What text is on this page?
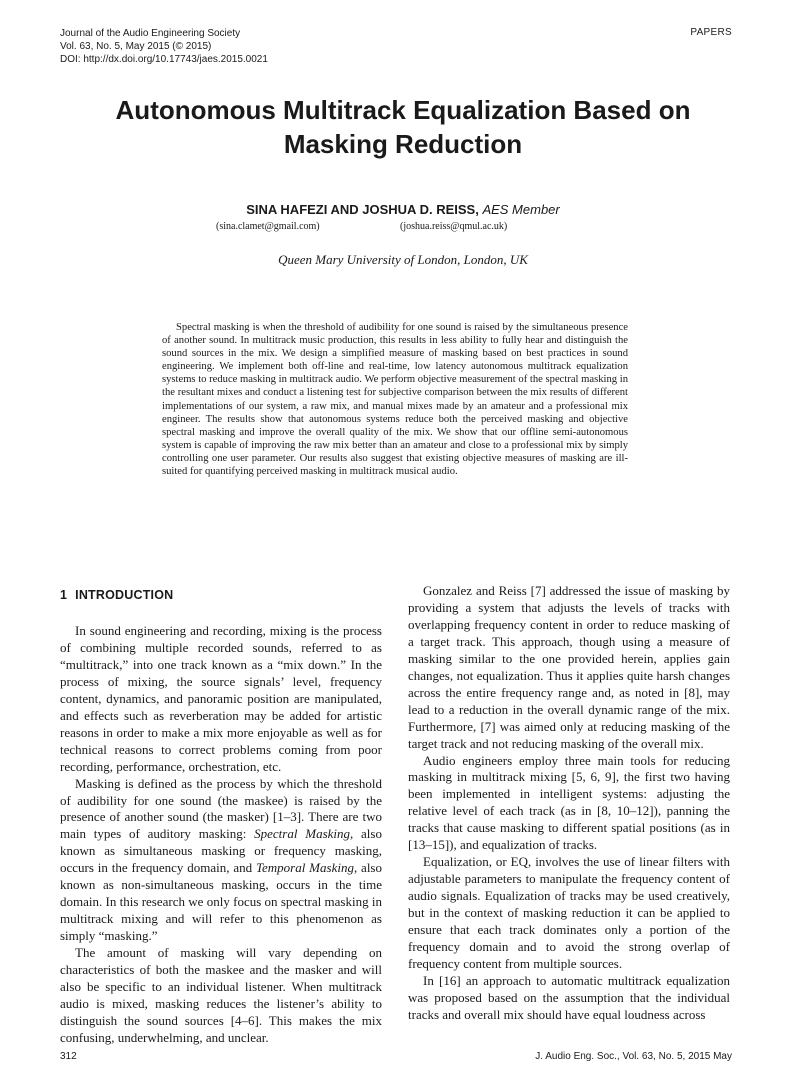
Journal of the Audio Engineering Society
Vol. 63, No. 5, May 2015 (© 2015)
DOI: http://dx.doi.org/10.17743/jaes.2015.0021
PAPERS
Autonomous Multitrack Equalization Based on
Masking Reduction
SINA HAFEZI AND JOSHUA D. REISS, AES Member
(sina.clamet@gmail.com)	(joshua.reiss@qmul.ac.uk)
Queen Mary University of London, London, UK

Spectral masking is when the threshold of audibility for one sound is raised by the simultaneous presence of another sound. In multitrack music production, this results in less ability to fully hear and distinguish the sound sources in the mix. We design a simplified measure of masking based on best practices in sound engineering. We implement both off-line and real-time, low latency autonomous multitrack equalization systems to reduce masking in multitrack audio. We perform objective measurement of the spectral masking in the resultant mixes and conduct a listening test for subjective comparison between the mix results of different implementations of our system, a raw mix, and manual mixes made by an amateur and a professional mix engineer. The results show that autonomous systems reduce both the perceived masking and objective spectral masking and improve the overall quality of the mix. We show that our offline semi-autonomous system is capable of improving the raw mix better than an amateur and close to a professional mix by simply controlling one user parameter. Our results also suggest that existing objective measures of masking are ill-suited for quantifying perceived masking in multitrack musical audio.

1 INTRODUCTION

In sound engineering and recording, mixing is the process of combining multiple recorded sounds, referred to as “multitrack,” into one track known as a “mix down.” In the process of mixing, the source signals’ level, frequency content, dynamics, and panoramic position are manipulated, and effects such as reverberation may be added for artistic reasons in order to make a mix more enjoyable as well as for technical reasons to correct problems coming from poor recording, performance, orchestration, etc.

Masking is defined as the process by which the threshold of audibility for one sound (the maskee) is raised by the presence of another sound (the masker) [1–3]. There are two main types of auditory masking: Spectral Masking, also known as simultaneous masking or frequency masking, occurs in the frequency domain, and Temporal Masking, also known as non-simultaneous masking, occurs in the time domain. In this research we only focus on spectral masking in multitrack mixing and will refer to this phenomenon as simply “masking.”

The amount of masking will vary depending on characteristics of both the maskee and the masker and will also be specific to an individual listener. When multitrack audio is mixed, masking reduces the listener’s ability to distinguish the sound sources [4–6]. This makes the mix confusing, underwhelming, and unclear.

Gonzalez and Reiss [7] addressed the issue of masking by providing a system that adjusts the levels of tracks with overlapping frequency content in order to reduce masking of a target track. This approach, though using a measure of masking similar to the one provided herein, applies gain changes, not equalization. Thus it applies quite harsh changes across the entire frequency range and, as noted in [8], may lead to a reduction in the overall dynamic range of the mix. Furthermore, [7] was aimed only at reducing masking of the target track and not reducing masking of the overall mix.

Audio engineers employ three main tools for reducing masking in multitrack mixing [5, 6, 9], the first two having been implemented in intelligent systems: adjusting the relative level of each track (as in [8, 10–12]), panning the tracks that cause masking to different spatial positions (as in [13–15]), and equalization of tracks.

Equalization, or EQ, involves the use of linear filters with adjustable parameters to manipulate the frequency content of audio signals. Equalization of tracks may be used creatively, but in the context of masking reduction it can be applied to ensure that each track dominates only a portion of the frequency domain and to avoid the strong overlap of frequency content from multiple sources.

In [16] an approach to automatic multitrack equalization was proposed based on the assumption that the individual tracks and overall mix should have equal loudness across

312	J. Audio Eng. Soc., Vol. 63, No. 5, 2015 May
